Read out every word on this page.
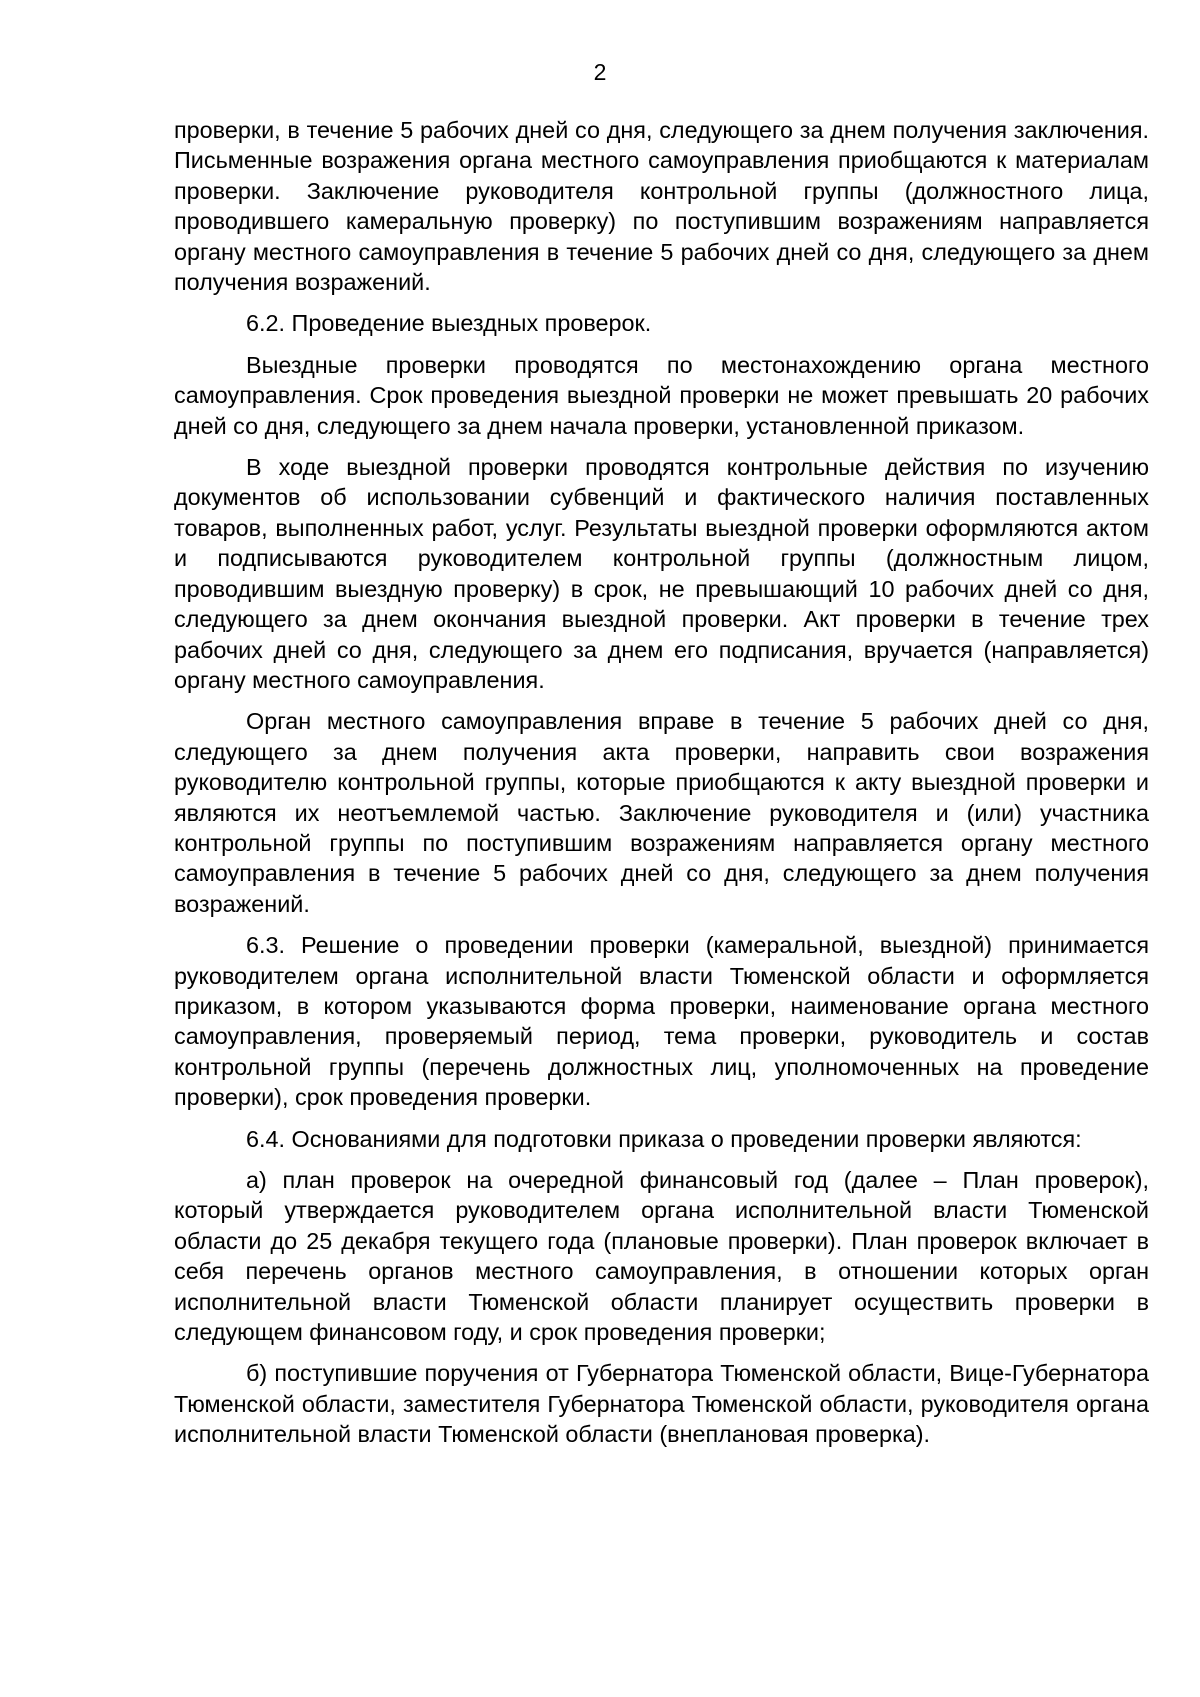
2

проверки, в течение 5 рабочих дней со дня, следующего за днем получения заключения. Письменные возражения органа местного самоуправления приобщаются к материалам проверки. Заключение руководителя контрольной группы (должностного лица, проводившего камеральную проверку) по поступившим возражениям направляется органу местного самоуправления в течение 5 рабочих дней со дня, следующего за днем получения возражений.

6.2. Проведение выездных проверок.

Выездные проверки проводятся по местонахождению органа местного самоуправления. Срок проведения выездной проверки не может превышать 20 рабочих дней со дня, следующего за днем начала проверки, установленной приказом.

В ходе выездной проверки проводятся контрольные действия по изучению документов об использовании субвенций и фактического наличия поставленных товаров, выполненных работ, услуг. Результаты выездной проверки оформляются актом и подписываются руководителем контрольной группы (должностным лицом, проводившим выездную проверку) в срок, не превышающий 10 рабочих дней со дня, следующего за днем окончания выездной проверки. Акт проверки в течение трех рабочих дней со дня, следующего за днем его подписания, вручается (направляется) органу местного самоуправления.

Орган местного самоуправления вправе в течение 5 рабочих дней со дня, следующего за днем получения акта проверки, направить свои возражения руководителю контрольной группы, которые приобщаются к акту выездной проверки и являются их неотъемлемой частью. Заключение руководителя и (или) участника контрольной группы по поступившим возражениям направляется органу местного самоуправления в течение 5 рабочих дней со дня, следующего за днем получения возражений.

6.3. Решение о проведении проверки (камеральной, выездной) принимается руководителем органа исполнительной власти Тюменской области и оформляется приказом, в котором указываются форма проверки, наименование органа местного самоуправления, проверяемый период, тема проверки, руководитель и состав контрольной группы (перечень должностных лиц, уполномоченных на проведение проверки), срок проведения проверки.

6.4. Основаниями для подготовки приказа о проведении проверки являются:

а) план проверок на очередной финансовый год (далее – План проверок), который утверждается руководителем органа исполнительной власти Тюменской области до 25 декабря текущего года (плановые проверки). План проверок включает в себя перечень органов местного самоуправления, в отношении которых орган исполнительной власти Тюменской области планирует осуществить проверки в следующем финансовом году, и срок проведения проверки;

б) поступившие поручения от Губернатора Тюменской области, Вице-Губернатора Тюменской области, заместителя Губернатора Тюменской области, руководителя органа исполнительной власти Тюменской области (внеплановая проверка).
